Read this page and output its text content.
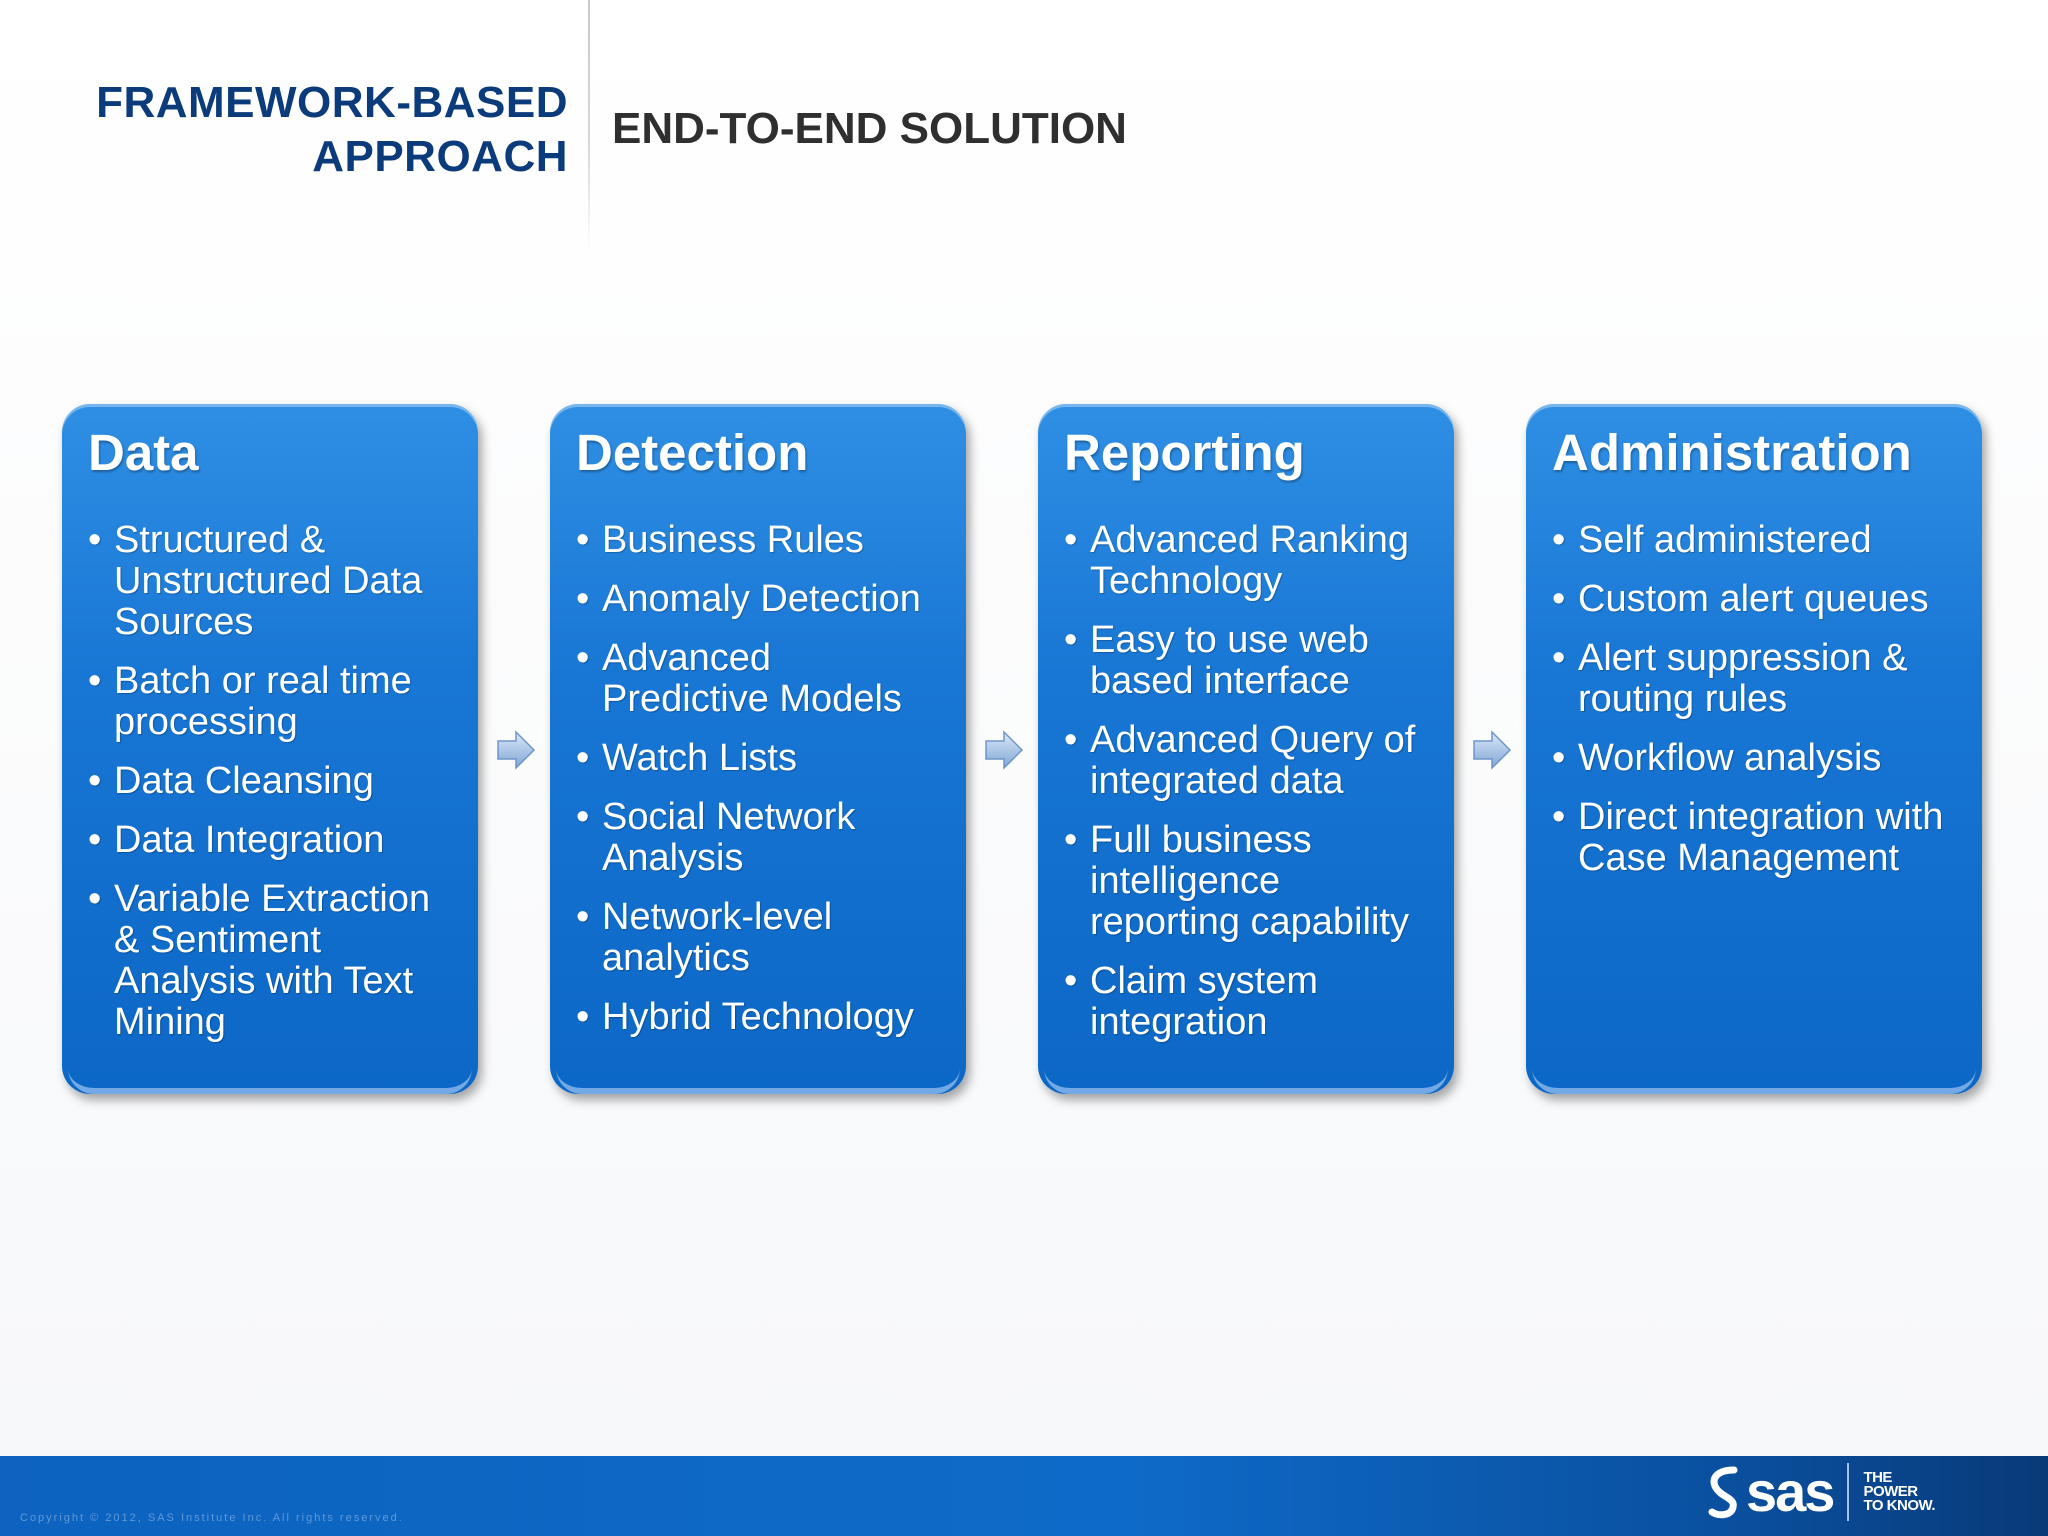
FRAMEWORK-BASED
APPROACH
END-TO-END SOLUTION
Data
• Structured & Unstructured Data Sources
• Batch or real time processing
• Data Cleansing
• Data Integration
• Variable Extraction & Sentiment Analysis with Text Mining
Detection
• Business Rules
• Anomaly Detection
• Advanced Predictive Models
• Watch Lists
• Social Network Analysis
• Network-level analytics
• Hybrid Technology
Reporting
• Advanced Ranking Technology
• Easy to use web based interface
• Advanced Query of integrated data
• Full business intelligence reporting capability
• Claim system integration
Administration
• Self administered
• Custom alert queues
• Alert suppression & routing rules
• Workflow analysis
• Direct integration with Case Management
Copyright © 2012, SAS Institute Inc. All rights reserved.	sas THE
POWER
TO KNOW.
